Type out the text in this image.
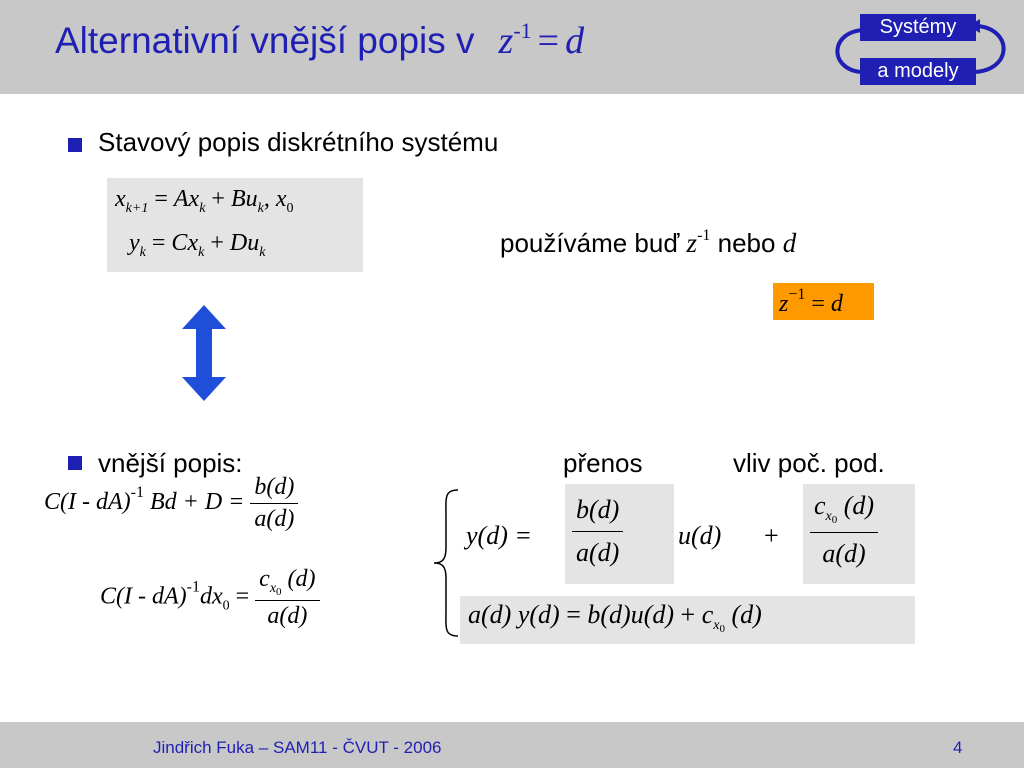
Alternativní vnější popis v $z^{-1} = d$	Systémy
a modely
Stavový popis diskrétního systému
$x_{k+1} = Ax_k + Bu_k$, $x_0$
$y_k = Cx_k + Du_k$	používáme buď $z^{-1}$ nebo d
$z^{-1} = d$
vnější popis:	přenos	vliv poč. pod.
C(I - dA)$^{-1}$ $Bd + D = \frac{b(d)}{a(d)}$
$C(I - dA)^{-1}dx_0 = \frac{c_{x0} (d)}{a(d)}$
$y(d) = \frac{b(d)}{a(d)} u(d) + \frac{c_{x0} (d)}{a(d)}$
a(d) $y(d) = b(d)u(d) + c_{x0}$ (d)
Jindřich Fuka – SAM11 - ČVUT - 2006	4
